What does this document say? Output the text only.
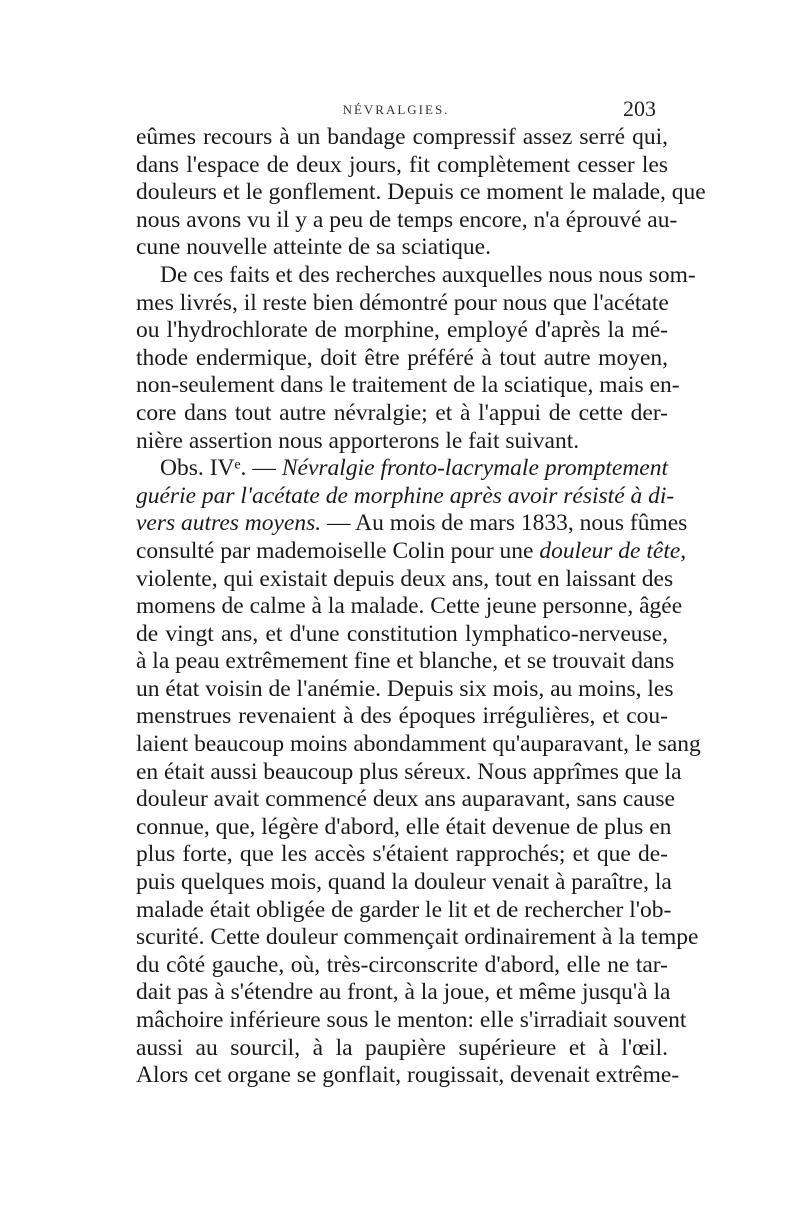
NÉVRALGIES.	203
eûmes recours à un bandage compressif assez serré qui,
dans l'espace de deux jours, fit complètement cesser les
douleurs et le gonflement. Depuis ce moment le malade, que
nous avons vu il y a peu de temps encore, n'a éprouvé au-
cune nouvelle atteinte de sa sciatique.
De ces faits et des recherches auxquelles nous nous som-
mes livrés, il reste bien démontré pour nous que l'acétate
ou l'hydrochlorate de morphine, employé d'après la mé-
thode endermique, doit être préféré à tout autre moyen,
non-seulement dans le traitement de la sciatique, mais en-
core dans tout autre névralgie; et à l'appui de cette der-
nière assertion nous apporterons le fait suivant.
Obs. IVᵉ. — Névralgie fronto-lacrymale promptement
guérie par l'acétate de morphine après avoir résisté à di-
vers autres moyens. — Au mois de mars 1833, nous fûmes
consulté par mademoiselle Colin pour une douleur de tête,
violente, qui existait depuis deux ans, tout en laissant des
momens de calme à la malade. Cette jeune personne, âgée
de vingt ans, et d'une constitution lymphatico-nerveuse,
à la peau extrêmement fine et blanche, et se trouvait dans
un état voisin de l'anémie. Depuis six mois, au moins, les
menstrues revenaient à des époques irrégulières, et cou-
laient beaucoup moins abondamment qu'auparavant, le sang
en était aussi beaucoup plus séreux. Nous apprîmes que la
douleur avait commencé deux ans auparavant, sans cause
connue, que, légère d'abord, elle était devenue de plus en
plus forte, que les accès s'étaient rapprochés; et que de-
puis quelques mois, quand la douleur venait à paraître, la
malade était obligée de garder le lit et de rechercher l'ob-
scurité. Cette douleur commençait ordinairement à la tempe
du côté gauche, où, très-circonscrite d'abord, elle ne tar-
dait pas à s'étendre au front, à la joue, et même jusqu'à la
mâchoire inférieure sous le menton: elle s'irradiait souvent
aussi au sourcil, à la paupière supérieure et à l'œil.
Alors cet organe se gonflait, rougissait, devenait extrême-
